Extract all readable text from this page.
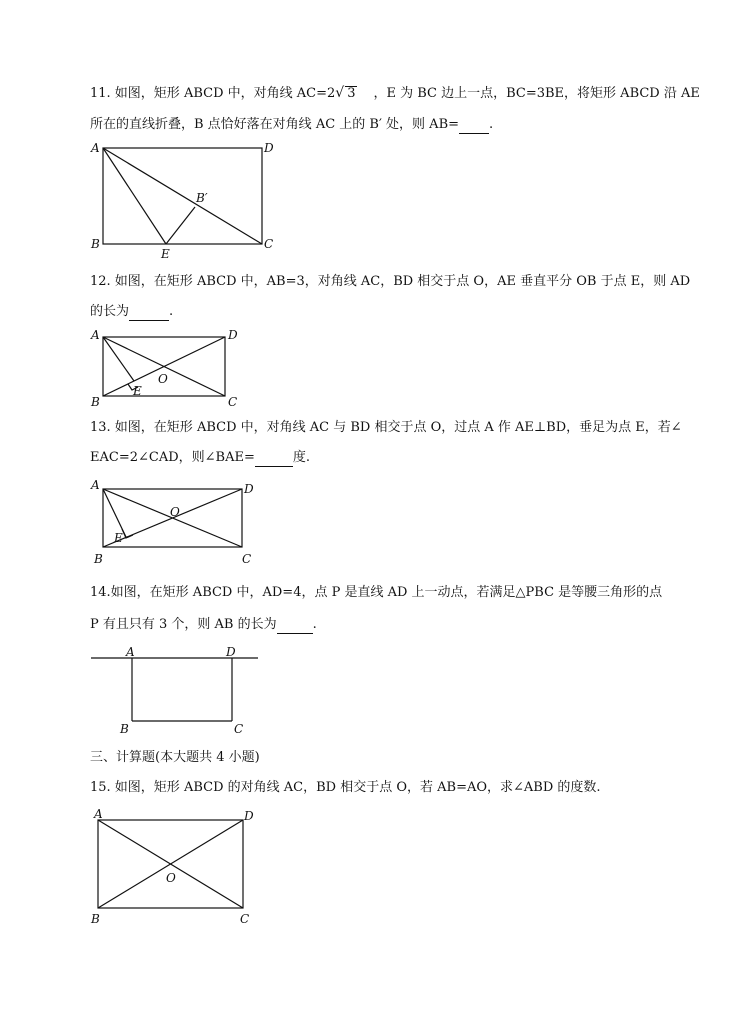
11. 如图，矩形 ABCD 中，对角线 AC=2√ 3 ，E 为 BC 边上一点，BC=3BE，将矩形 ABCD 沿 AE
所在的直线折叠，B 点恰好落在对角线 AC 上的 B′ 处，则 AB= .
A	D
B	C
E
B′
12. 如图，在矩形 ABCD 中，AB=3，对角线 AC，BD 相交于点 O，AE 垂直平分 OB 于点 E，则 AD
的长为	.
A	D
B	C
E
O
13. 如图，在矩形 ABCD 中，对角线 AC 与 BD 相交于点 O，过点 A 作 AE⊥BD，垂足为点 E，若∠
EAC=2∠CAD，则∠BAE=	度.
A	D
B	C
E
O
14.如图，在矩形 ABCD 中，AD=4，点 P 是直线 AD 上一动点，若满足△PBC 是等腰三角形的点
P 有且只有 3 个，则 AB 的长为	.
A	D
B	C
三、计算题(本大题共 4 小题)
15. 如图，矩形 ABCD 的对角线 AC，BD 相交于点 O，若 AB=AO，求∠ABD 的度数.
A	D
B	C
O
